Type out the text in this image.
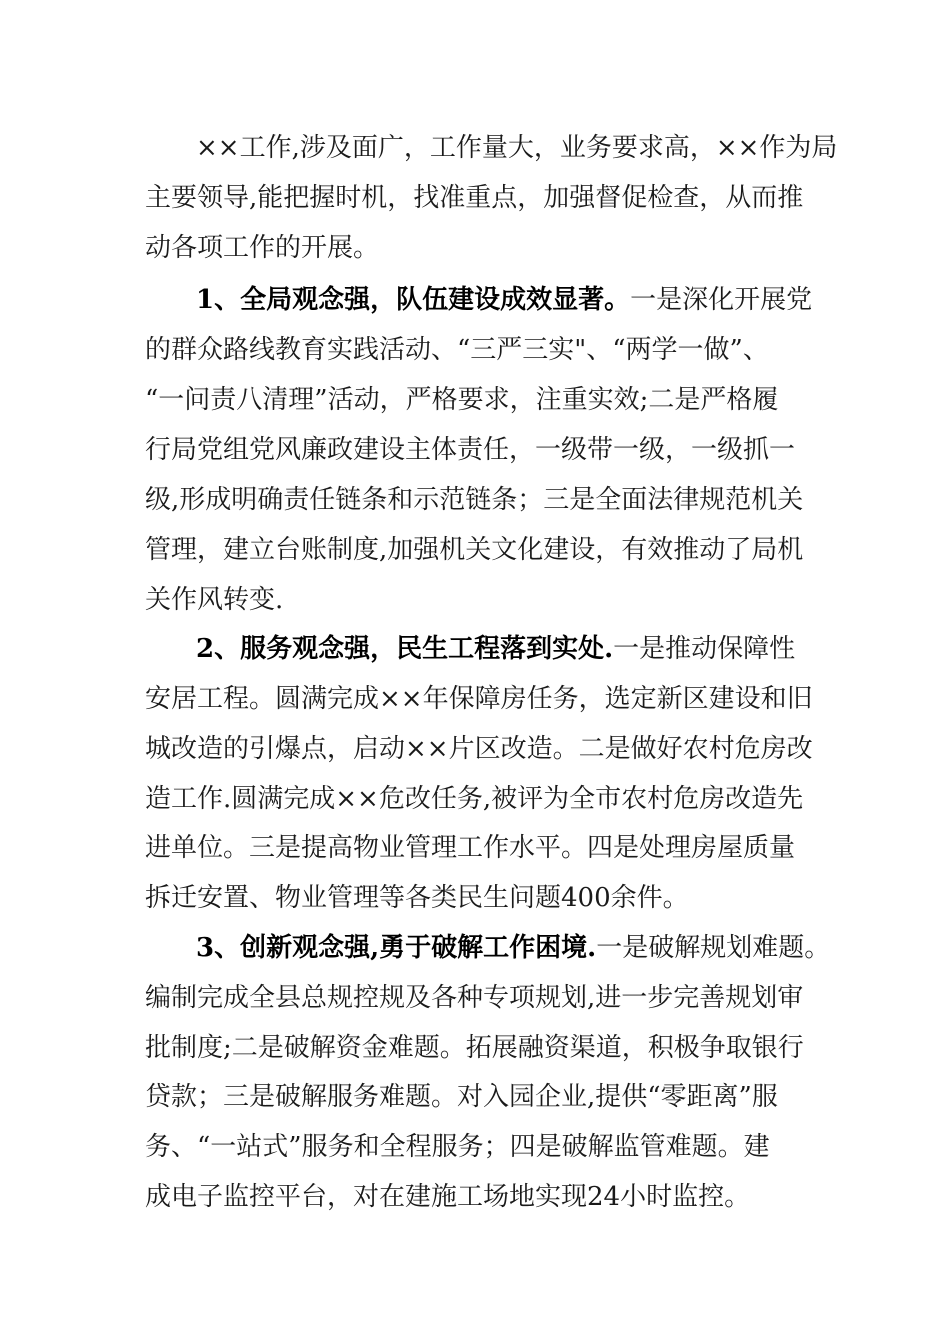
××工作,涉及面广，工作量大，业务要求高，××作为局
主要领导,能把握时机，找准重点，加强督促检查，从而推
动各项工作的开展。
1、全局观念强，队伍建设成效显著。一是深化开展党
的群众路线教育实践活动、“三严三实"、“两学一做”、
“一问责八清理”活动，严格要求，注重实效;二是严格履
行局党组党风廉政建设主体责任，一级带一级，一级抓一
级,形成明确责任链条和示范链条；三是全面法律规范机关
管理，建立台账制度,加强机关文化建设，有效推动了局机
关作风转变.
2、服务观念强，民生工程落到实处.一是推动保障性
安居工程。圆满完成××年保障房任务，选定新区建设和旧
城改造的引爆点，启动××片区改造。二是做好农村危房改
造工作.圆满完成××危改任务,被评为全市农村危房改造先
进单位。三是提高物业管理工作水平。四是处理房屋质量
拆迁安置、物业管理等各类民生问题400余件。
3、创新观念强,勇于破解工作困境.一是破解规划难题。
编制完成全县总规控规及各种专项规划,进一步完善规划审
批制度;二是破解资金难题。拓展融资渠道，积极争取银行
贷款；三是破解服务难题。对入园企业,提供“零距离”服
务、“一站式”服务和全程服务；四是破解监管难题。建
成电子监控平台，对在建施工场地实现24小时监控。
